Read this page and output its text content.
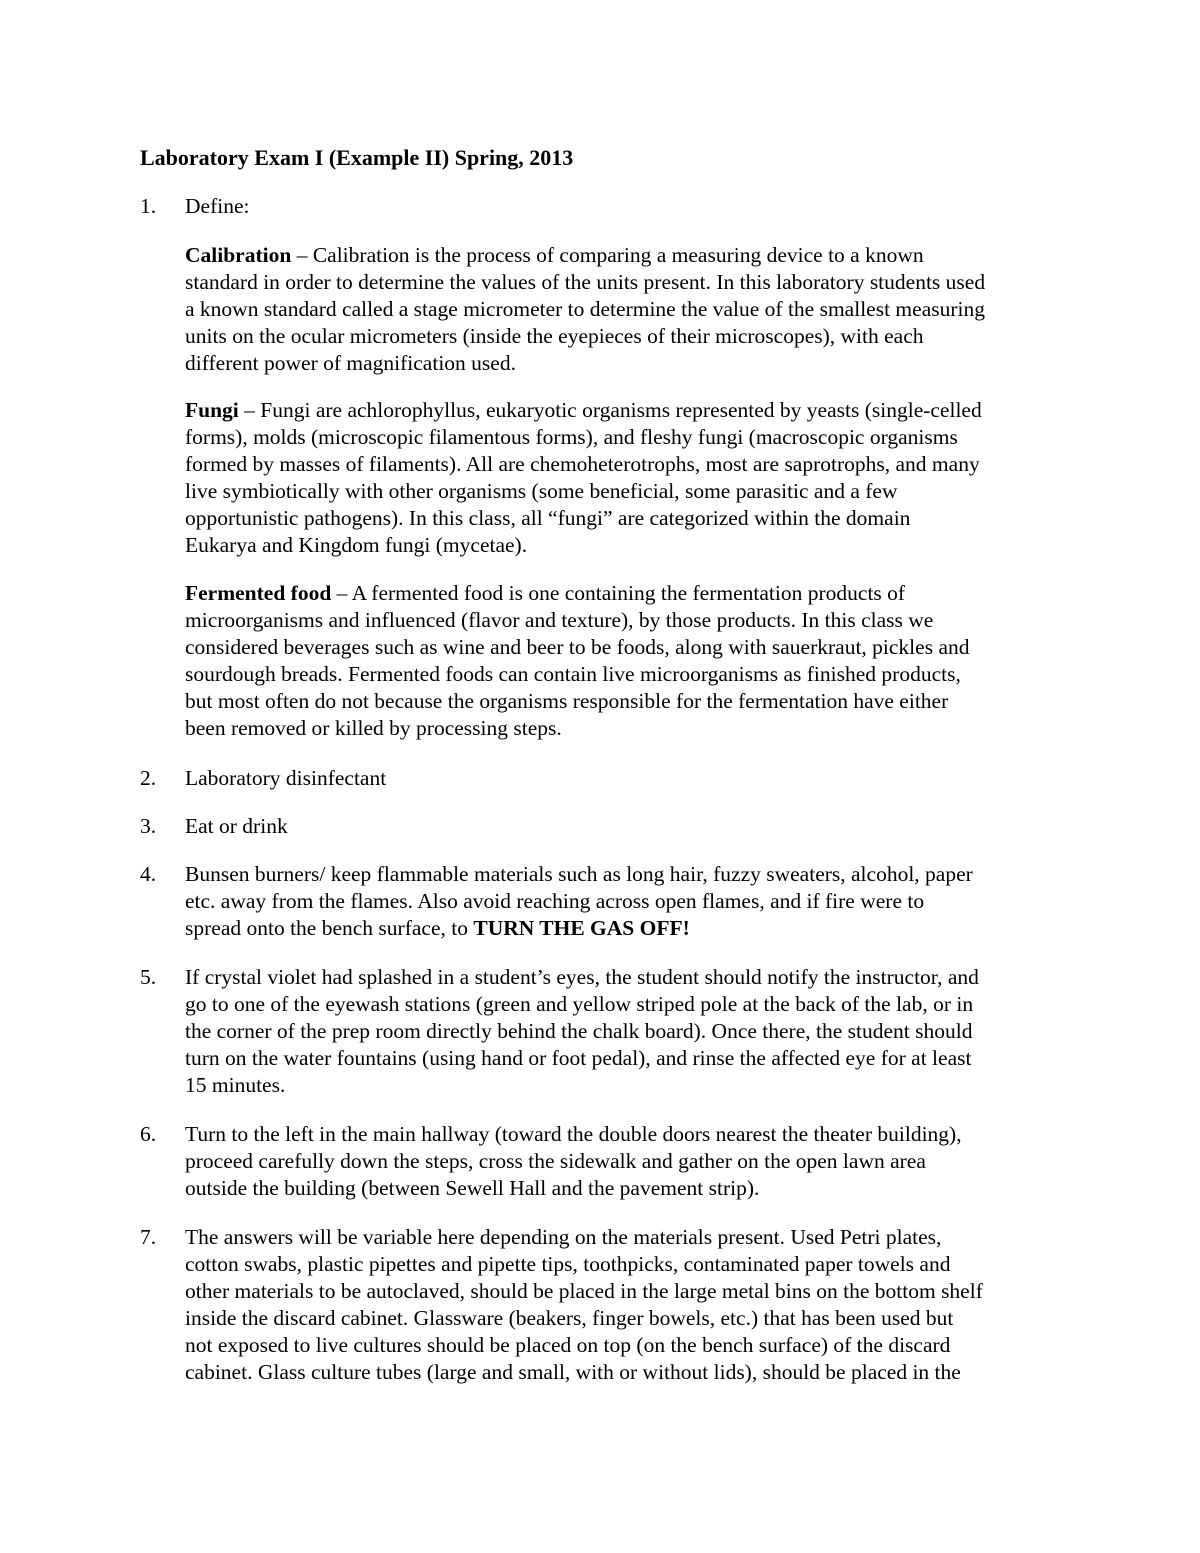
Laboratory Exam I (Example II) Spring, 2013
1.	Define:
Calibration – Calibration is the process of comparing a measuring device to a known
standard in order to determine the values of the units present. In this laboratory students used
a known standard called a stage micrometer to determine the value of the smallest measuring
units on the ocular micrometers (inside the eyepieces of their microscopes), with each
different power of magnification used.
Fungi – Fungi are achlorophyllus, eukaryotic organisms represented by yeasts (single-celled
forms), molds (microscopic filamentous forms), and fleshy fungi (macroscopic organisms
formed by masses of filaments). All are chemoheterotrophs, most are saprotrophs, and many
live symbiotically with other organisms (some beneficial, some parasitic and a few
opportunistic pathogens). In this class, all “fungi” are categorized within the domain
Eukarya and Kingdom fungi (mycetae).
Fermented food – A fermented food is one containing the fermentation products of
microorganisms and influenced (flavor and texture), by those products. In this class we
considered beverages such as wine and beer to be foods, along with sauerkraut, pickles and
sourdough breads. Fermented foods can contain live microorganisms as finished products,
but most often do not because the organisms responsible for the fermentation have either
been removed or killed by processing steps.
2.	Laboratory disinfectant
3.	Eat or drink
4.	Bunsen burners/ keep flammable materials such as long hair, fuzzy sweaters, alcohol, paper
etc. away from the flames. Also avoid reaching across open flames, and if fire were to
spread onto the bench surface, to TURN THE GAS OFF!
5.	If crystal violet had splashed in a student’s eyes, the student should notify the instructor, and
go to one of the eyewash stations (green and yellow striped pole at the back of the lab, or in
the corner of the prep room directly behind the chalk board). Once there, the student should
turn on the water fountains (using hand or foot pedal), and rinse the affected eye for at least
15 minutes.
6.	Turn to the left in the main hallway (toward the double doors nearest the theater building),
proceed carefully down the steps, cross the sidewalk and gather on the open lawn area
outside the building (between Sewell Hall and the pavement strip).
7.	The answers will be variable here depending on the materials present. Used Petri plates,
cotton swabs, plastic pipettes and pipette tips, toothpicks, contaminated paper towels and
other materials to be autoclaved, should be placed in the large metal bins on the bottom shelf
inside the discard cabinet. Glassware (beakers, finger bowels, etc.) that has been used but
not exposed to live cultures should be placed on top (on the bench surface) of the discard
cabinet. Glass culture tubes (large and small, with or without lids), should be placed in the
